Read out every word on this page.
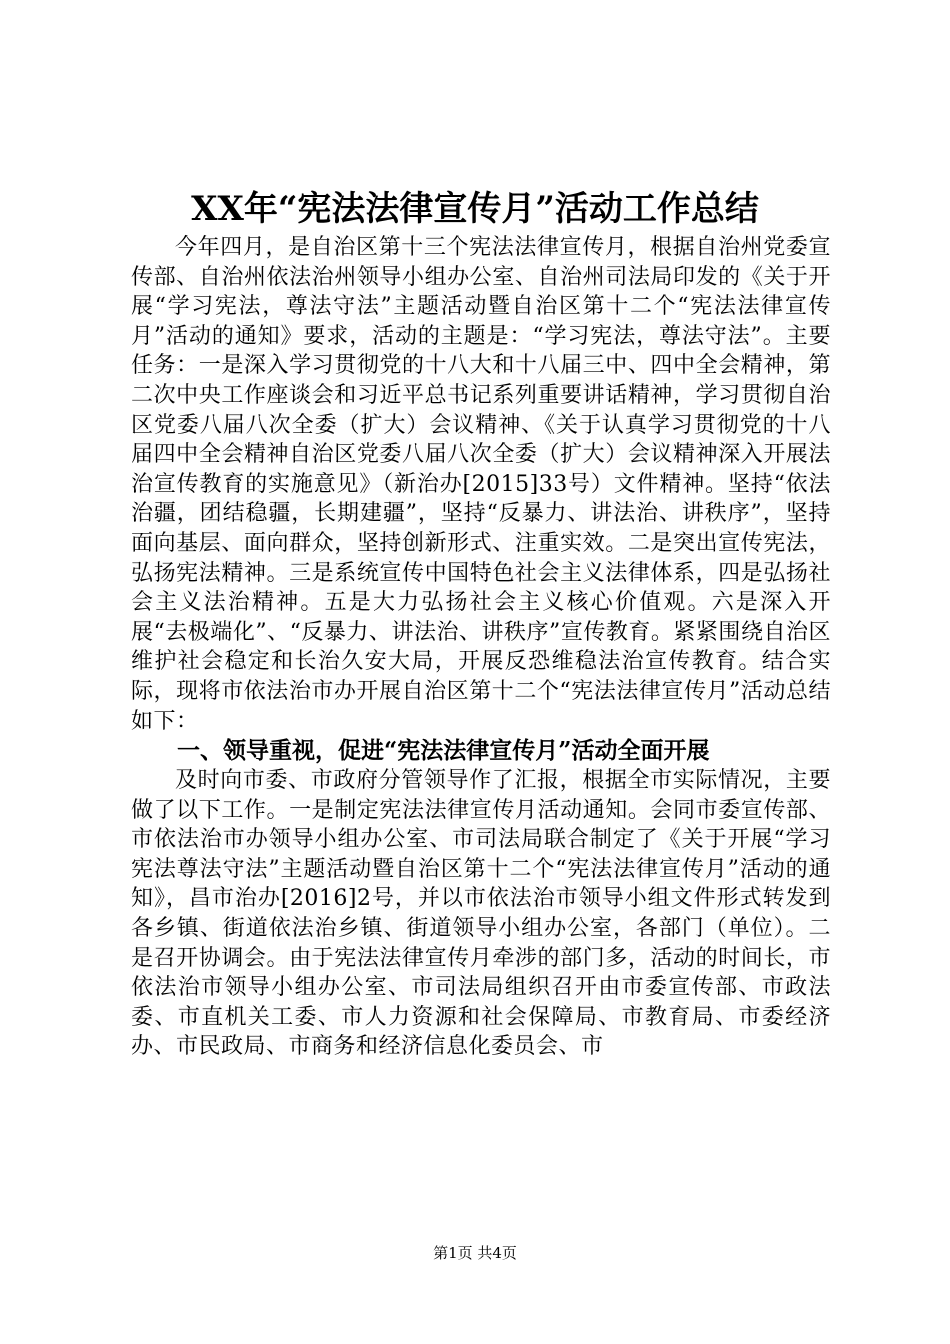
XX年“宪法法律宣传月”活动工作总结

今年四月，是自治区第十三个宪法法律宣传月，根据自治州党委宣传部、自治州依法治州领导小组办公室、自治州司法局印发的《关于开展“学习宪法，尊法守法”主题活动暨自治区第十二个“宪法法律宣传月”活动的通知》要求，活动的主题是：“学习宪法，尊法守法”。主要任务：一是深入学习贯彻党的十八大和十八届三中、四中全会精神，第二次中央工作座谈会和习近平总书记系列重要讲话精神，学习贯彻自治区党委八届八次全委（扩大）会议精神、《关于认真学习贯彻党的十八届四中全会精神自治区党委八届八次全委（扩大）会议精神深入开展法治宣传教育的实施意见》（新治办[2015]33号）文件精神。坚持“依法治疆，团结稳疆，长期建疆”，坚持“反暴力、讲法治、讲秩序”，坚持面向基层、面向群众，坚持创新形式、注重实效。二是突出宣传宪法，弘扬宪法精神。三是系统宣传中国特色社会主义法律体系，四是弘扬社会主义法治精神。五是大力弘扬社会主义核心价值观。六是深入开展“去极端化”、“反暴力、讲法治、讲秩序”宣传教育。紧紧围绕自治区维护社会稳定和长治久安大局，开展反恐维稳法治宣传教育。结合实际，现将市依法治市办开展自治区第十二个“宪法法律宣传月”活动总结如下：

一、领导重视，促进“宪法法律宣传月”活动全面开展

及时向市委、市政府分管领导作了汇报，根据全市实际情况，主要做了以下工作。一是制定宪法法律宣传月活动通知。会同市委宣传部、市依法治市办领导小组办公室、市司法局联合制定了《关于开展“学习宪法尊法守法”主题活动暨自治区第十二个“宪法法律宣传月”活动的通知》，昌市治办[2016]2号，并以市依法治市领导小组文件形式转发到各乡镇、街道依法治乡镇、街道领导小组办公室，各部门（单位）。二是召开协调会。由于宪法法律宣传月牵涉的部门多，活动的时间长，市依法治市领导小组办公室、市司法局组织召开由市委宣传部、市政法委、市直机关工委、市人力资源和社会保障局、市教育局、市委经济办、市民政局、市商务和经济信息化委员会、市

第1页 共4页
